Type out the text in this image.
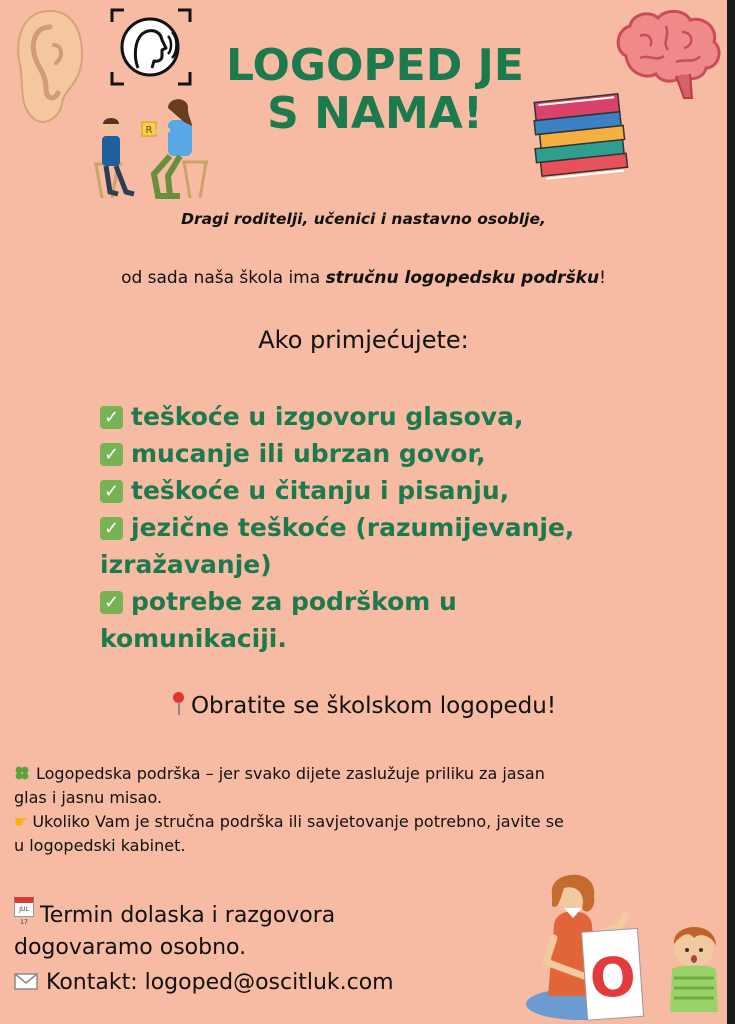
R
LOGOPED JE
S NAMA!
Dragi roditelji, učenici i nastavno osoblje,
od sada naša škola ima stručnu logopedsku podršku!
Ako primjećujete:
✓ teškoće u izgovoru glasova,
✓ mucanje ili ubrzan govor,
✓ teškoće u čitanju i pisanju,
✓ jezične teškoće (razumijevanje, izražavanje)
✓ potrebe za podrškom u komunikaciji.
Obratite se školskom logopedu!
Logopedska podrška – jer svako dijete zaslužuje priliku za jasan glas i jasnu misao.
☛ Ukoliko Vam je stručna podrška ili savjetovanje potrebno, javite se u logopedski kabinet.
JUL 17 Termin dolaska i razgovora dogovaramo osobno.
Kontakt: logoped@oscitluk.com	O
